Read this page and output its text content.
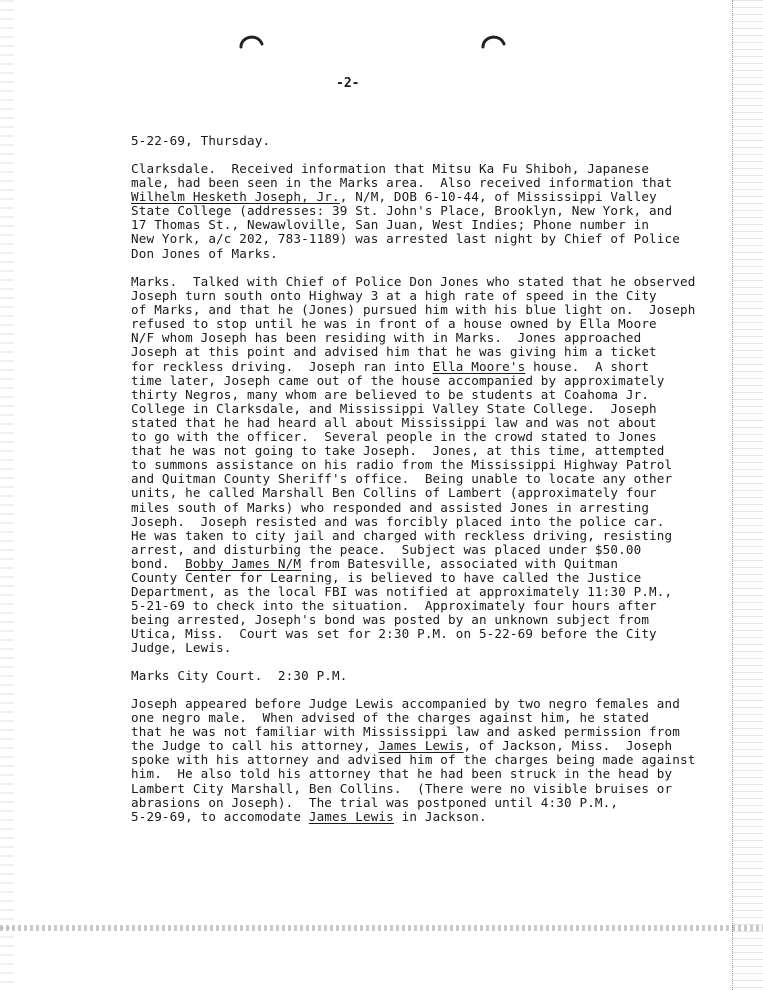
-2-
5-22-69, Thursday.
Clarksdale.  Received information that Mitsu Ka Fu Shiboh, Japanese
male, had been seen in the Marks area.  Also received information that
Wilhelm Hesketh Joseph, Jr., N/M, DOB 6-10-44, of Mississippi Valley
State College (addresses: 39 St. John's Place, Brooklyn, New York, and
17 Thomas St., Newawloville, San Juan, West Indies; Phone number in
New York, a/c 202, 783-1189) was arrested last night by Chief of Police
Don Jones of Marks.
Marks.  Talked with Chief of Police Don Jones who stated that he observed
Joseph turn south onto Highway 3 at a high rate of speed in the City
of Marks, and that he (Jones) pursued him with his blue light on.  Joseph
refused to stop until he was in front of a house owned by Ella Moore
N/F whom Joseph has been residing with in Marks.  Jones approached
Joseph at this point and advised him that he was giving him a ticket
for reckless driving.  Joseph ran into Ella Moore's house.  A short
time later, Joseph came out of the house accompanied by approximately
thirty Negros, many whom are believed to be students at Coahoma Jr.
College in Clarksdale, and Mississippi Valley State College.  Joseph
stated that he had heard all about Mississippi law and was not about
to go with the officer.  Several people in the crowd stated to Jones
that he was not going to take Joseph.  Jones, at this time, attempted
to summons assistance on his radio from the Mississippi Highway Patrol
and Quitman County Sheriff's office.  Being unable to locate any other
units, he called Marshall Ben Collins of Lambert (approximately four
miles south of Marks) who responded and assisted Jones in arresting
Joseph.  Joseph resisted and was forcibly placed into the police car.
He was taken to city jail and charged with reckless driving, resisting
arrest, and disturbing the peace.  Subject was placed under $50.00
bond.  Bobby James N/M from Batesville, associated with Quitman
County Center for Learning, is believed to have called the Justice
Department, as the local FBI was notified at approximately 11:30 P.M.,
5-21-69 to check into the situation.  Approximately four hours after
being arrested, Joseph's bond was posted by an unknown subject from
Utica, Miss.  Court was set for 2:30 P.M. on 5-22-69 before the City
Judge, Lewis.
Marks City Court.  2:30 P.M.
Joseph appeared before Judge Lewis accompanied by two negro females and
one negro male.  When advised of the charges against him, he stated
that he was not familiar with Mississippi law and asked permission from
the Judge to call his attorney, James Lewis, of Jackson, Miss.  Joseph
spoke with his attorney and advised him of the charges being made against
him.  He also told his attorney that he had been struck in the head by
Lambert City Marshall, Ben Collins.  (There were no visible bruises or
abrasions on Joseph).  The trial was postponed until 4:30 P.M.,
5-29-69, to accomodate James Lewis in Jackson.
